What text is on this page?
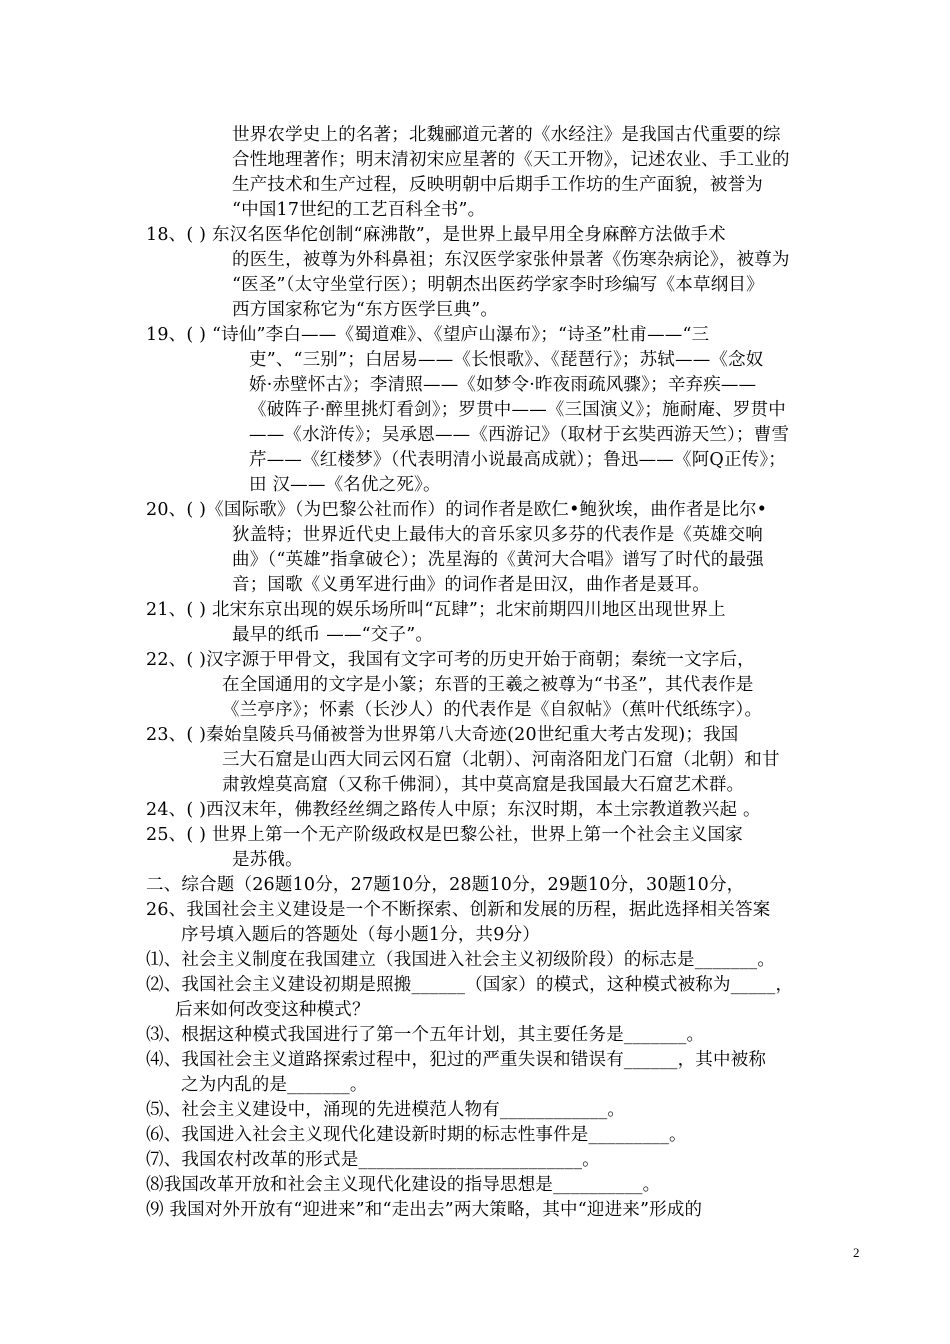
世界农学史上的名著；北魏郦道元著的《水经注》是我国古代重要的综
合性地理著作；明末清初宋应星著的《天工开物》，记述农业、手工业的
生产技术和生产过程，反映明朝中后期手工作坊的生产面貌，被誉为
“中国17世纪的工艺百科全书”。
18、( ) 东汉名医华佗创制“麻沸散”，是世界上最早用全身麻醉方法做手术
的医生，被尊为外科鼻祖；东汉医学家张仲景著《伤寒杂病论》，被尊为
“医圣”（太守坐堂行医）；明朝杰出医药学家李时珍编写《本草纲目》
西方国家称它为“东方医学巨典”。
19、( ) “诗仙”李白——《蜀道难》、《望庐山瀑布》；“诗圣”杜甫——“三
吏”、“三别”；白居易——《长恨歌》、《琵琶行》；苏轼——《念奴
娇·赤壁怀古》；李清照——《如梦令·昨夜雨疏风骤》；辛弃疾——
《破阵子·醉里挑灯看剑》；罗贯中——《三国演义》；施耐庵、罗贯中
——《水浒传》；吴承恩——《西游记》（取材于玄奘西游天竺）；曹雪
芹——《红楼梦》（代表明清小说最高成就）；鲁迅——《阿Q正传》；
田 汉——《名优之死》。
20、( )《国际歌》（为巴黎公社而作）的词作者是欧仁•鲍狄埃，曲作者是比尔•
狄盖特；世界近代史上最伟大的音乐家贝多芬的代表作是《英雄交响
曲》（“英雄”指拿破仑）；冼星海的《黄河大合唱》谱写了时代的最强
音；国歌《义勇军进行曲》的词作者是田汉，曲作者是聂耳。
21、( ) 北宋东京出现的娱乐场所叫“瓦肆”；北宋前期四川地区出现世界上
最早的纸币 ——“交子”。
22、( )汉字源于甲骨文，我国有文字可考的历史开始于商朝；秦统一文字后，
在全国通用的文字是小篆；东晋的王羲之被尊为“书圣”，其代表作是
《兰亭序》；怀素（长沙人）的代表作是《自叙帖》（蕉叶代纸练字）。
23、( )秦始皇陵兵马俑被誉为世界第八大奇迹(20世纪重大考古发现)；我国
三大石窟是山西大同云冈石窟（北朝）、河南洛阳龙门石窟（北朝）和甘
肃敦煌莫高窟（又称千佛洞），其中莫高窟是我国最大石窟艺术群。
24、( )西汉末年，佛教经丝绸之路传人中原；东汉时期，本土宗教道教兴起 。
25、( ) 世界上第一个无产阶级政权是巴黎公社，世界上第一个社会主义国家
是苏俄。
二、综合题（26题10分，27题10分，28题10分，29题10分，30题10分，
26、我国社会主义建设是一个不断探索、创新和发展的历程，据此选择相关答案
序号填入题后的答题处（每小题1分，共9分）
⑴、社会主义制度在我国建立（我国进入社会主义初级阶段）的标志是_______。
⑵、我国社会主义建设初期是照搬______（国家）的模式，这种模式被称为_____，
后来如何改变这种模式？
⑶、根据这种模式我国进行了第一个五年计划，其主要任务是_______。
⑷、我国社会主义道路探索过程中，犯过的严重失误和错误有______，其中被称
之为内乱的是_______。
⑸、社会主义建设中，涌现的先进模范人物有____________。
⑹、我国进入社会主义现代化建设新时期的标志性事件是_________。
⑺、我国农村改革的形式是_________________________。
⑻我国改革开放和社会主义现代化建设的指导思想是__________。
⑼ 我国对外开放有“迎进来”和“走出去”两大策略，其中“迎进来”形成的
2
